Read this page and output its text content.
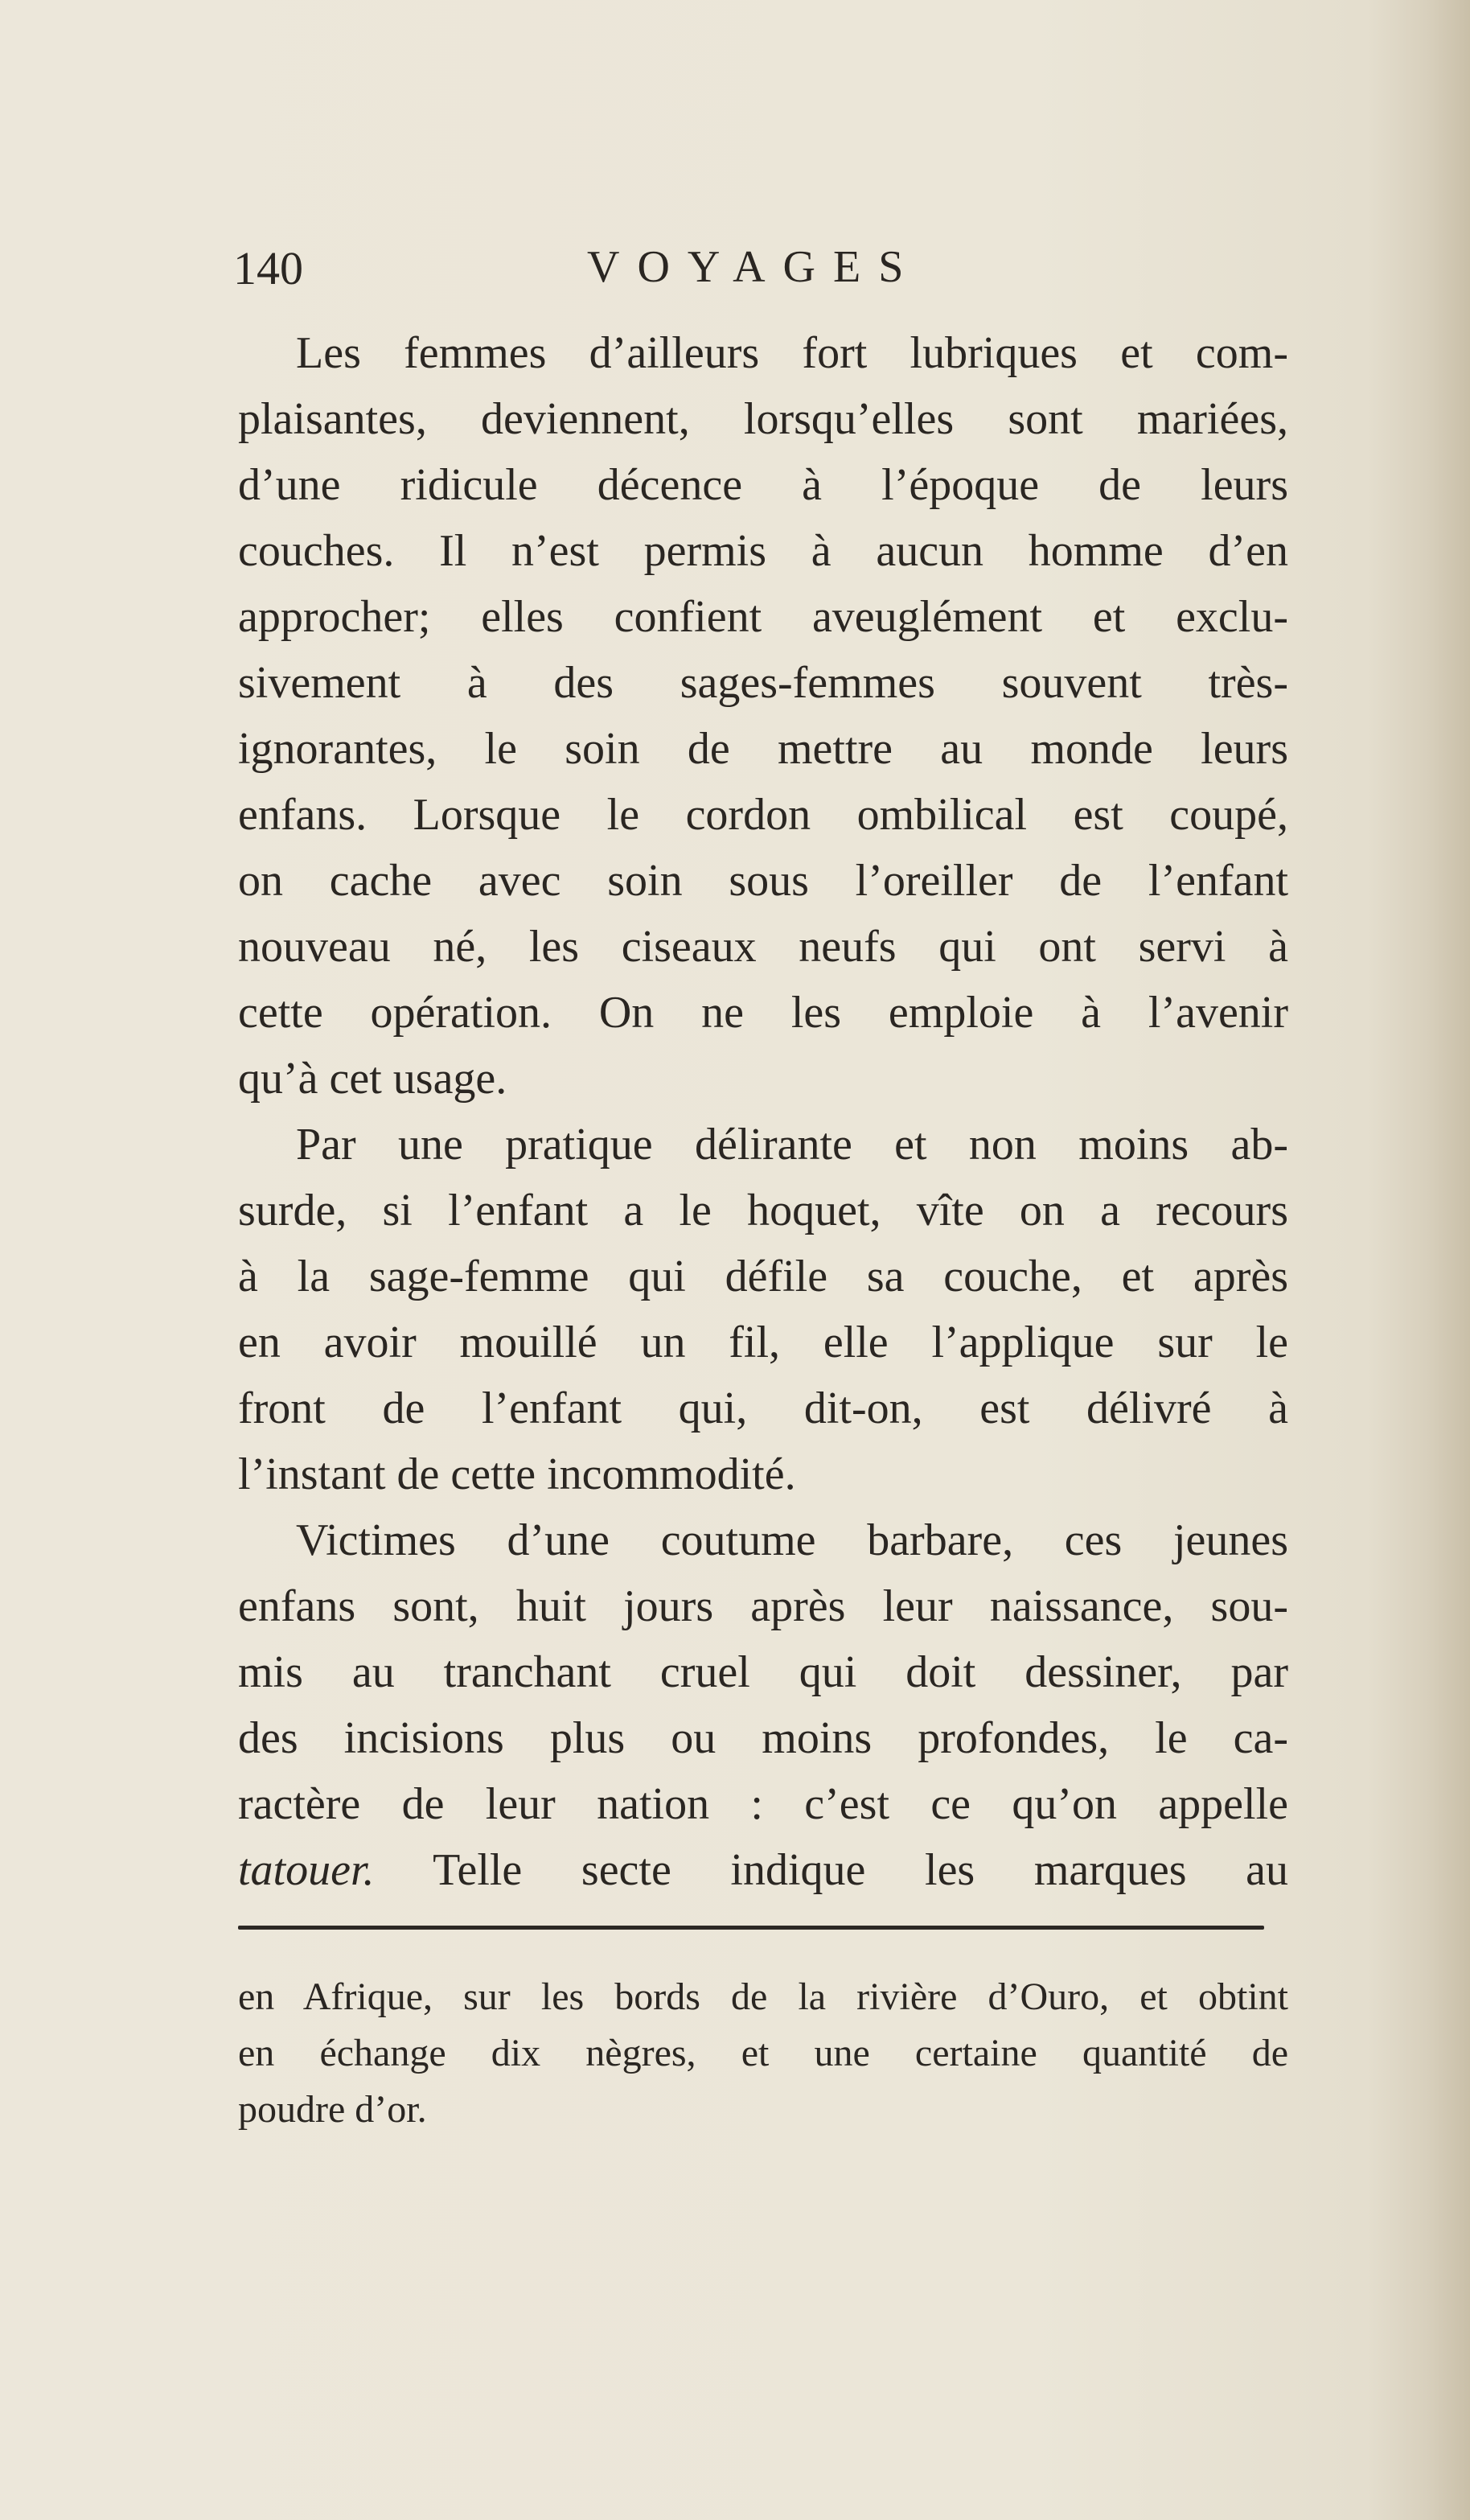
140	VOYAGES
Les femmes d’ailleurs fort lubriques et com-
plaisantes, deviennent, lorsqu’elles sont mariées,
d’une ridicule décence à l’époque de leurs
couches. Il n’est permis à aucun homme d’en
approcher; elles confient aveuglément et exclu-
sivement à des sages-femmes souvent très-
ignorantes, le soin de mettre au monde leurs
enfans. Lorsque le cordon ombilical est coupé,
on cache avec soin sous l’oreiller de l’enfant
nouveau né, les ciseaux neufs qui ont servi à
cette opération. On ne les emploie à l’avenir
qu’à cet usage.
Par une pratique délirante et non moins ab-
surde, si l’enfant a le hoquet, vîte on a recours
à la sage-femme qui défile sa couche, et après
en avoir mouillé un fil, elle l’applique sur le
front de l’enfant qui, dit-on, est délivré à
l’instant de cette incommodité.
Victimes d’une coutume barbare, ces jeunes
enfans sont, huit jours après leur naissance, sou-
mis au tranchant cruel qui doit dessiner, par
des incisions plus ou moins profondes, le ca-
ractère de leur nation : c’est ce qu’on appelle
tatouer. Telle secte indique les marques au
en Afrique, sur les bords de la rivière d’Ouro, et obtint
en échange dix nègres, et une certaine quantité de
poudre d’or.
